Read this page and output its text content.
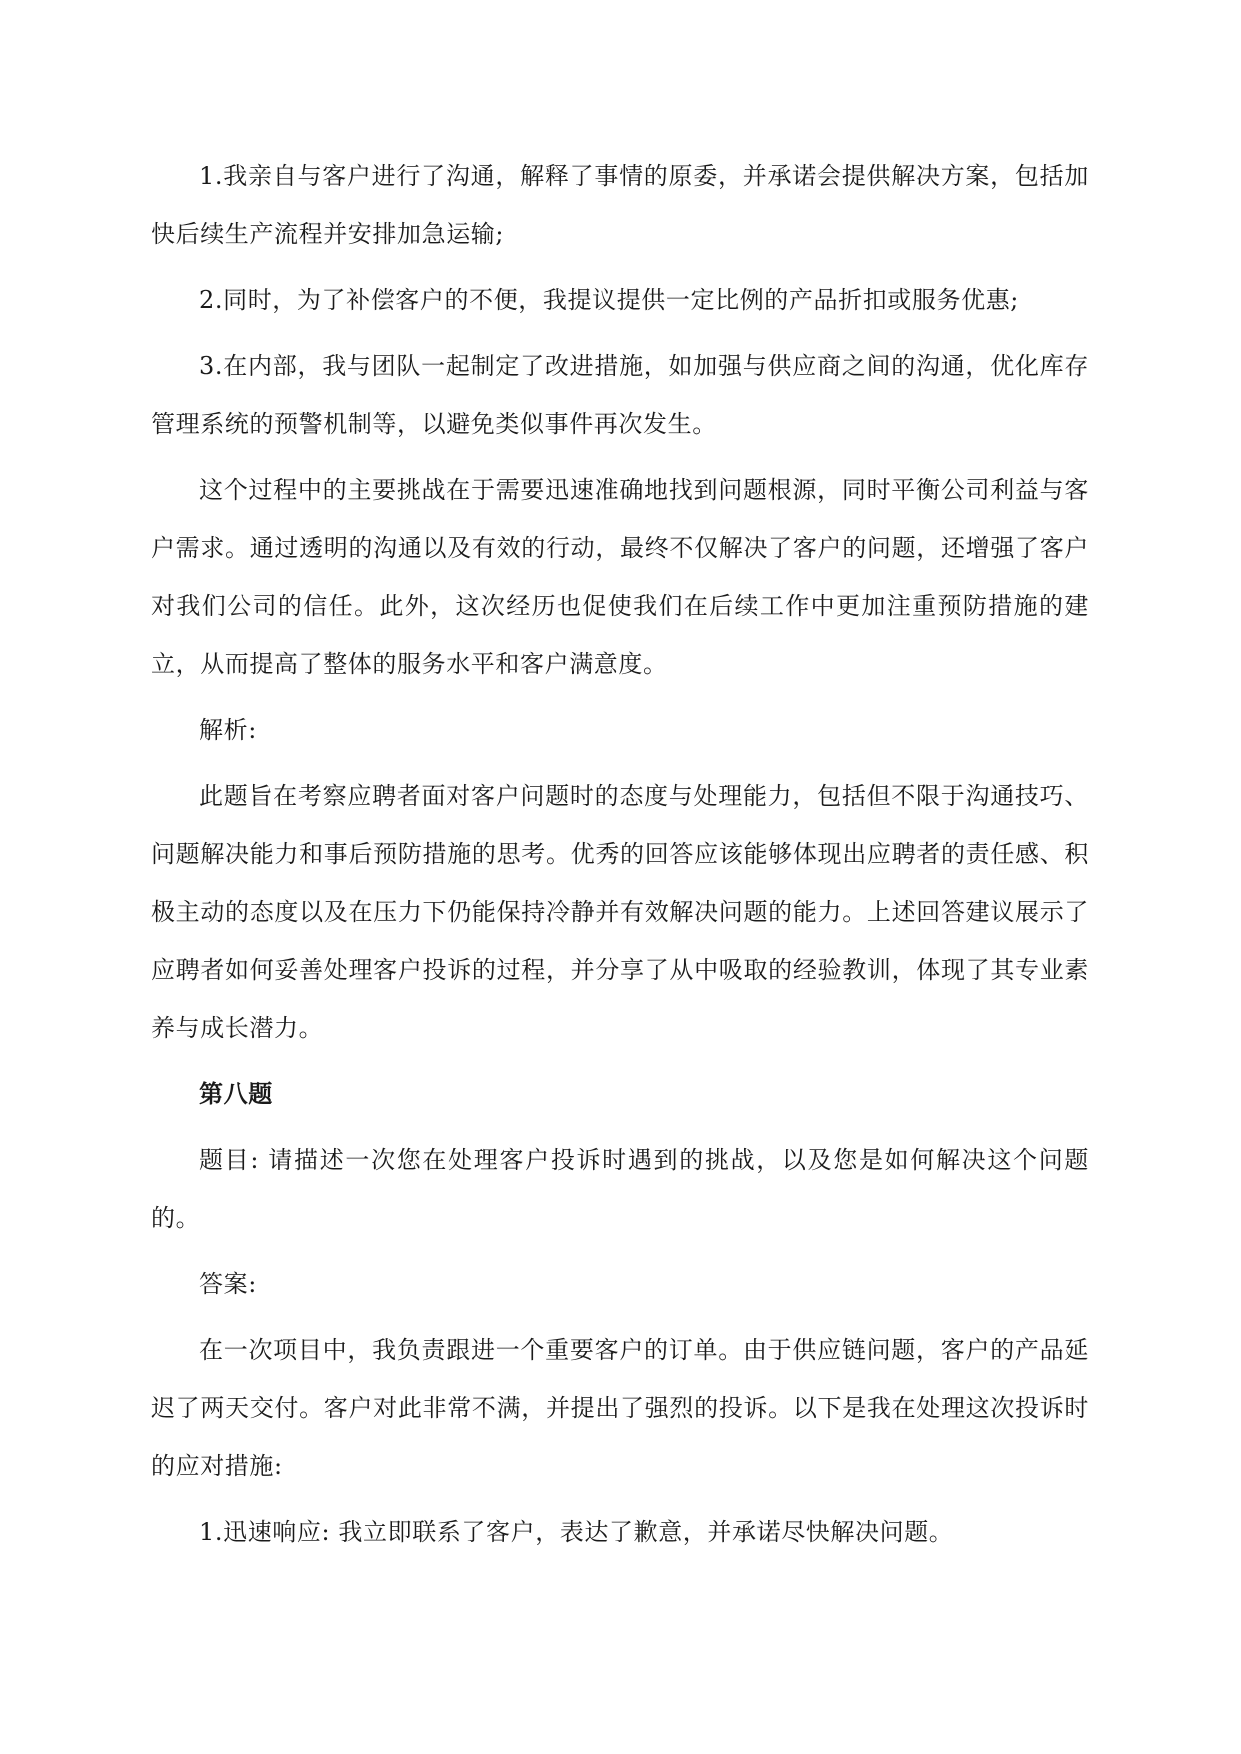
1.我亲自与客户进行了沟通，解释了事情的原委，并承诺会提供解决方案，包括加快后续生产流程并安排加急运输;

2.同时，为了补偿客户的不便，我提议提供一定比例的产品折扣或服务优惠;

3.在内部，我与团队一起制定了改进措施，如加强与供应商之间的沟通，优化库存管理系统的预警机制等，以避免类似事件再次发生。

这个过程中的主要挑战在于需要迅速准确地找到问题根源，同时平衡公司利益与客户需求。通过透明的沟通以及有效的行动，最终不仅解决了客户的问题，还增强了客户对我们公司的信任。此外，这次经历也促使我们在后续工作中更加注重预防措施的建立，从而提高了整体的服务水平和客户满意度。

解析:

此题旨在考察应聘者面对客户问题时的态度与处理能力，包括但不限于沟通技巧、问题解决能力和事后预防措施的思考。优秀的回答应该能够体现出应聘者的责任感、积极主动的态度以及在压力下仍能保持冷静并有效解决问题的能力。上述回答建议展示了应聘者如何妥善处理客户投诉的过程，并分享了从中吸取的经验教训，体现了其专业素养与成长潜力。

第八题

题目: 请描述一次您在处理客户投诉时遇到的挑战，以及您是如何解决这个问题的。

答案:

在一次项目中，我负责跟进一个重要客户的订单。由于供应链问题，客户的产品延迟了两天交付。客户对此非常不满，并提出了强烈的投诉。以下是我在处理这次投诉时的应对措施:

1.迅速响应: 我立即联系了客户，表达了歉意，并承诺尽快解决问题。
